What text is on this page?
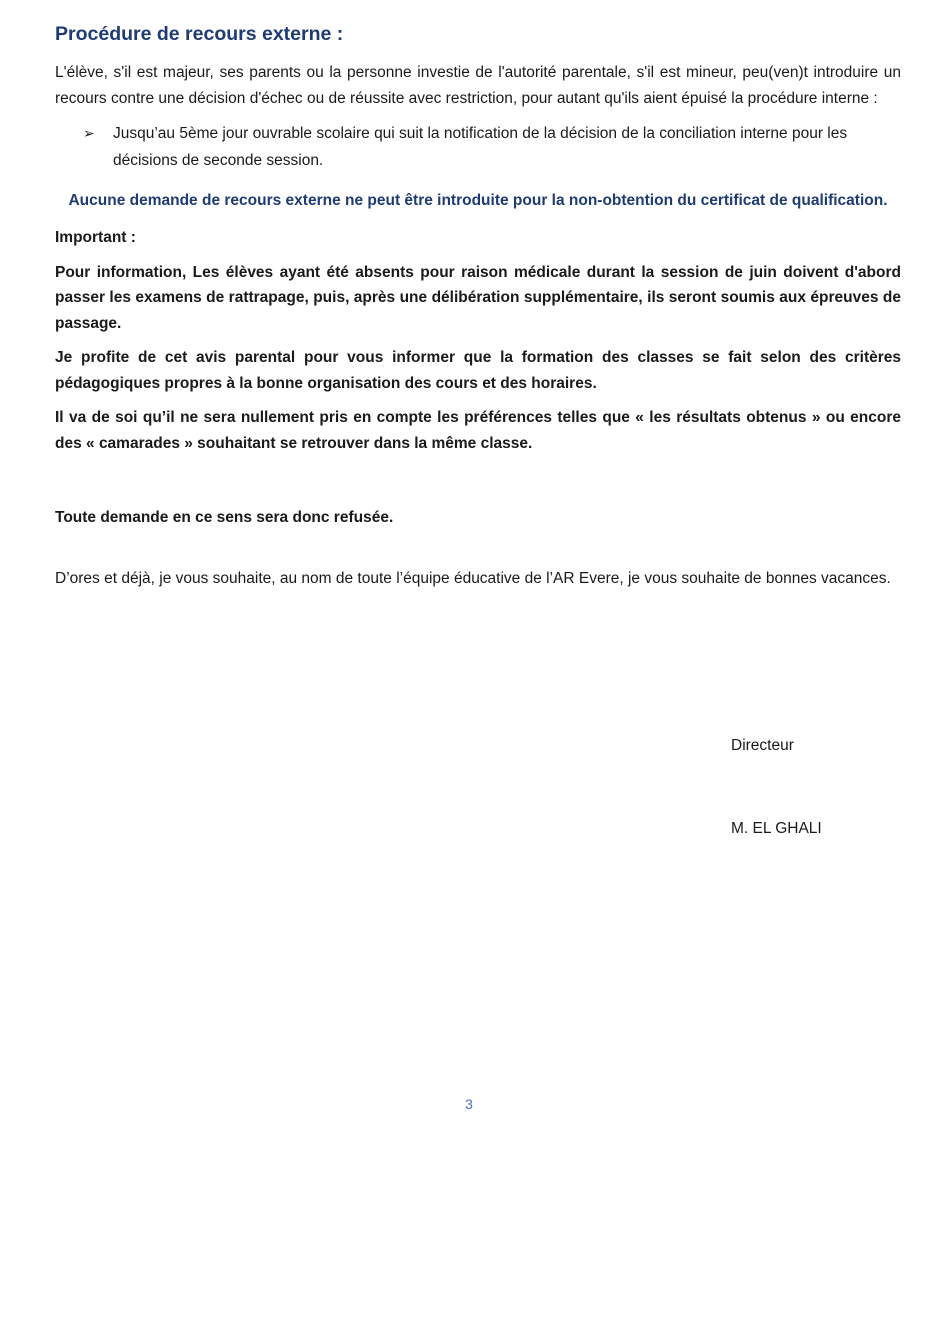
Procédure de recours externe :

L'élève, s'il est majeur, ses parents ou la personne investie de l'autorité parentale, s'il est mineur, peu(ven)t introduire un recours contre une décision d'échec ou de réussite avec restriction, pour autant qu'ils aient épuisé la procédure interne :

➢	Jusqu’au 5ème jour ouvrable scolaire qui suit la notification de la décision de la conciliation interne pour les décisions de seconde session.

Aucune demande de recours externe ne peut être introduite pour la non-obtention du certificat de qualification.

Important :

Pour information, Les élèves ayant été absents pour raison médicale durant la session de juin doivent d'abord passer les examens de rattrapage, puis, après une délibération supplémentaire, ils seront soumis aux épreuves de passage.

Je profite de cet avis parental pour vous informer que la formation des classes se fait selon des critères pédagogiques propres à la bonne organisation des cours et des horaires.

Il va de soi qu’il ne sera nullement pris en compte les préférences telles que « les résultats obtenus » ou encore des « camarades » souhaitant se retrouver dans la même classe.

Toute demande en ce sens sera donc refusée.

D’ores et déjà, je vous souhaite, au nom de toute l’équipe éducative de l’AR Evere, je vous souhaite de bonnes vacances.

Directeur
M. EL GHALI
3
